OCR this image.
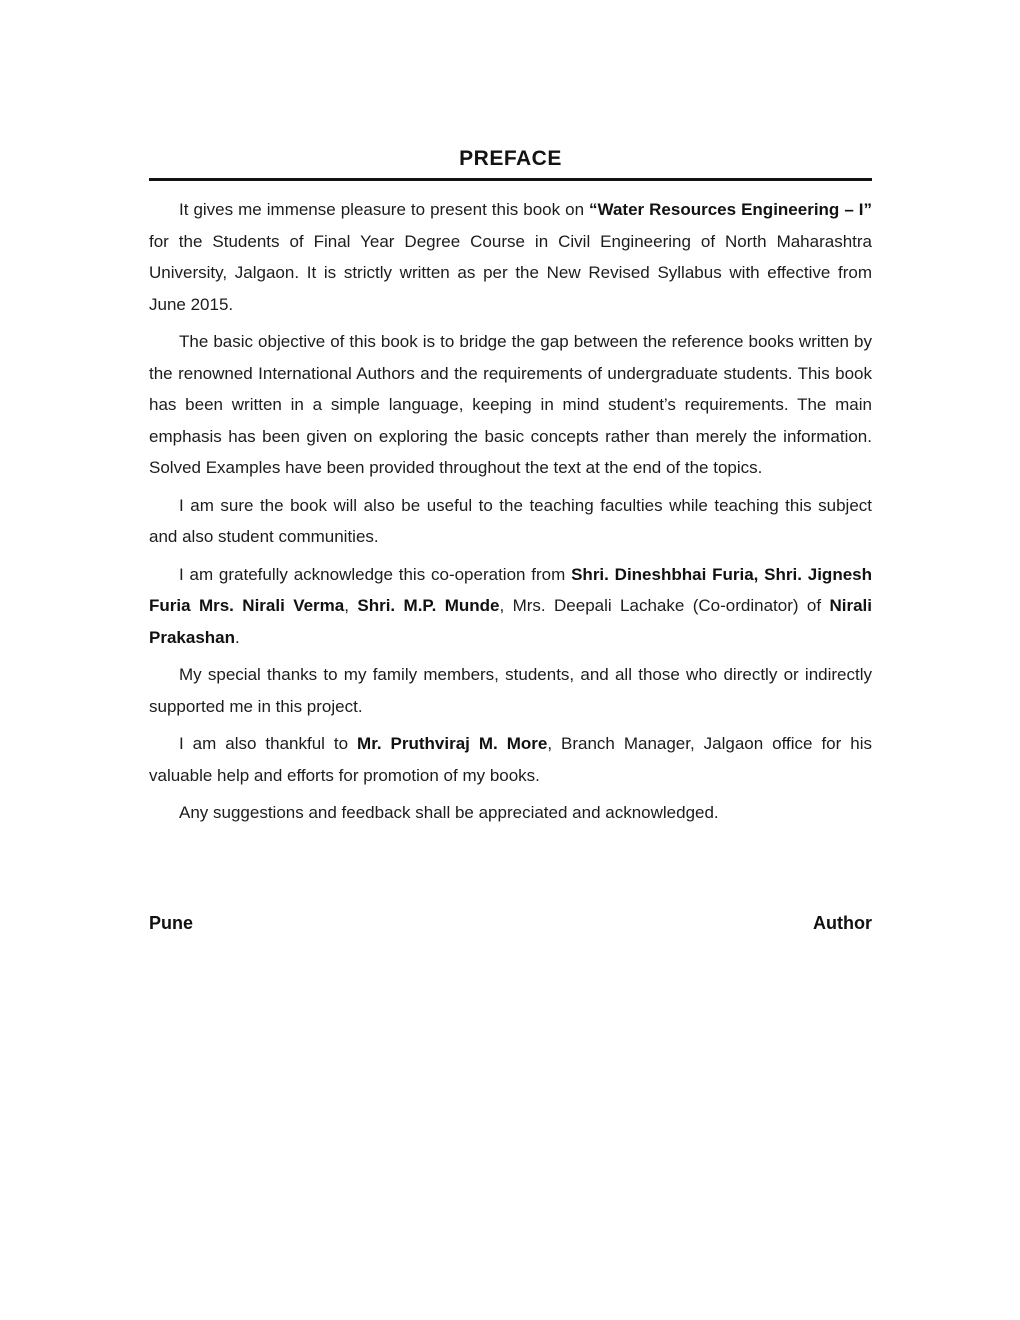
PREFACE

It gives me immense pleasure to present this book on “Water Resources Engineering – I” for the Students of Final Year Degree Course in Civil Engineering of North Maharashtra University, Jalgaon. It is strictly written as per the New Revised Syllabus with effective from June 2015.

The basic objective of this book is to bridge the gap between the reference books written by the renowned International Authors and the requirements of undergraduate students. This book has been written in a simple language, keeping in mind student’s requirements. The main emphasis has been given on exploring the basic concepts rather than merely the information. Solved Examples have been provided throughout the text at the end of the topics.

I am sure the book will also be useful to the teaching faculties while teaching this subject and also student communities.

I am gratefully acknowledge this co-operation from Shri. Dineshbhai Furia, Shri. Jignesh Furia Mrs. Nirali Verma, Shri. M.P. Munde, Mrs. Deepali Lachake (Co-ordinator) of Nirali Prakashan.

My special thanks to my family members, students, and all those who directly or indirectly supported me in this project.

I am also thankful to Mr. Pruthviraj M. More, Branch Manager, Jalgaon office for his valuable help and efforts for promotion of my books.

Any suggestions and feedback shall be appreciated and acknowledged.

Pune	Author
